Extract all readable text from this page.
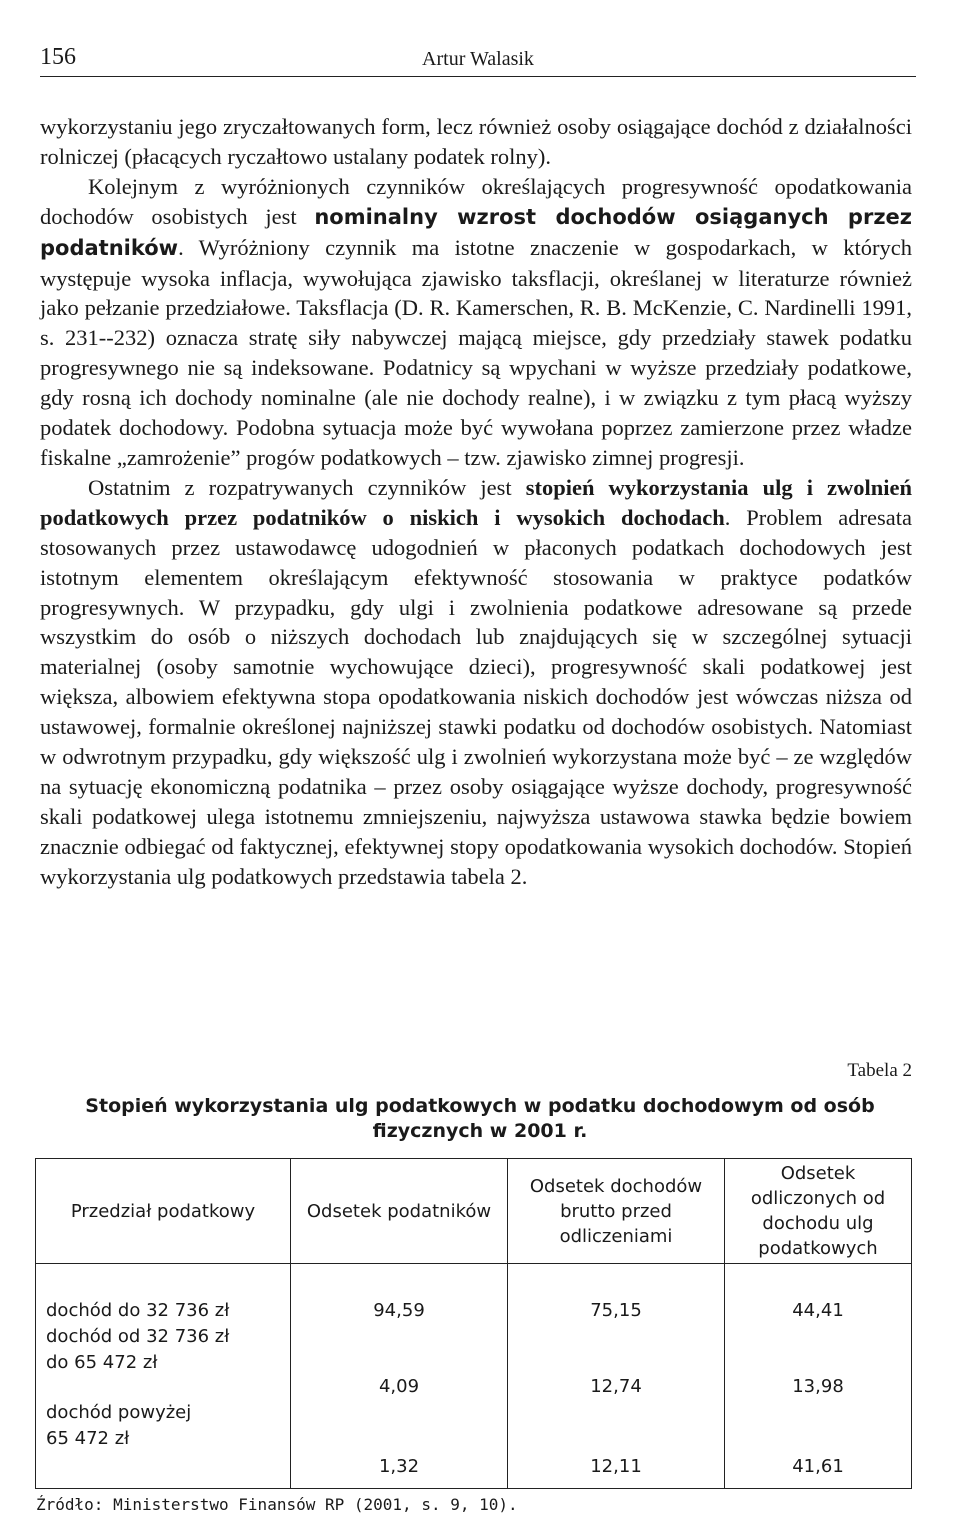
156	Artur Walasik

wykorzystaniu jego zryczałtowanych form, lecz również osoby osiągające dochód z działalności rolniczej (płacących ryczałtowo ustalany podatek rolny).

Kolejnym z wyróżnionych czynników określających progresywność opodatkowania dochodów osobistych jest nominalny wzrost dochodów osiąganych przez podatników. Wyróżniony czynnik ma istotne znaczenie w gospodarkach, w których występuje wysoka inflacja, wywołująca zjawisko taksflacji, określanej w literaturze również jako pełzanie przedziałowe. Taksflacja (D. R. Kamerschen, R. B. McKenzie, C. Nardinelli 1991, s. 231--232) oznacza stratę siły nabywczej mającą miejsce, gdy przedziały stawek podatku progresywnego nie są indeksowane. Podatnicy są wpychani w wyższe przedziały podatkowe, gdy rosną ich dochody nominalne (ale nie dochody realne), i w związku z tym płacą wyższy podatek dochodowy. Podobna sytuacja może być wywołana poprzez zamierzone przez władze fiskalne „zamrożenie” progów podatkowych – tzw. zjawisko zimnej progresji.

Ostatnim z rozpatrywanych czynników jest stopień wykorzystania ulg i zwolnień podatkowych przez podatników o niskich i wysokich dochodach. Problem adresata stosowanych przez ustawodawcę udogodnień w płaconych podatkach dochodowych jest istotnym elementem określającym efektywność stosowania w praktyce podatków progresywnych. W przypadku, gdy ulgi i zwolnienia podatkowe adresowane są przede wszystkim do osób o niższych dochodach lub znajdujących się w szczególnej sytuacji materialnej (osoby samotnie wychowujące dzieci), progresywność skali podatkowej jest większa, albowiem efektywna stopa opodatkowania niskich dochodów jest wówczas niższa od ustawowej, formalnie określonej najniższej stawki podatku od dochodów osobistych. Natomiast w odwrotnym przypadku, gdy większość ulg i zwolnień wykorzystana może być – ze względów na sytuację ekonomiczną podatnika – przez osoby osiągające wyższe dochody, progresywność skali podatkowej ulega istotnemu zmniejszeniu, najwyższa ustawowa stawka będzie bowiem znacznie odbiegać od faktycznej, efektywnej stopy opodatkowania wysokich dochodów. Stopień wykorzystania ulg podatkowych przedstawia tabela 2.

Tabela 2
Stopień wykorzystania ulg podatkowych w podatku dochodowym od osób fizycznych w 2001 r.
Przedział podatkowy	Odsetek podatników	Odsetek dochodów brutto przed odliczeniami	Odsetek odliczonych od dochodu ulg podatkowych
dochód do 32 736 zł	94,59	75,15	44,41

dochód od 32 736 zł
do 65 472 zł	4,09	12,74	13,98

dochód powyżej
65 472 zł	1,32	12,11	41,61
Źródło: Ministerstwo Finansów RP (2001, s. 9, 10).
